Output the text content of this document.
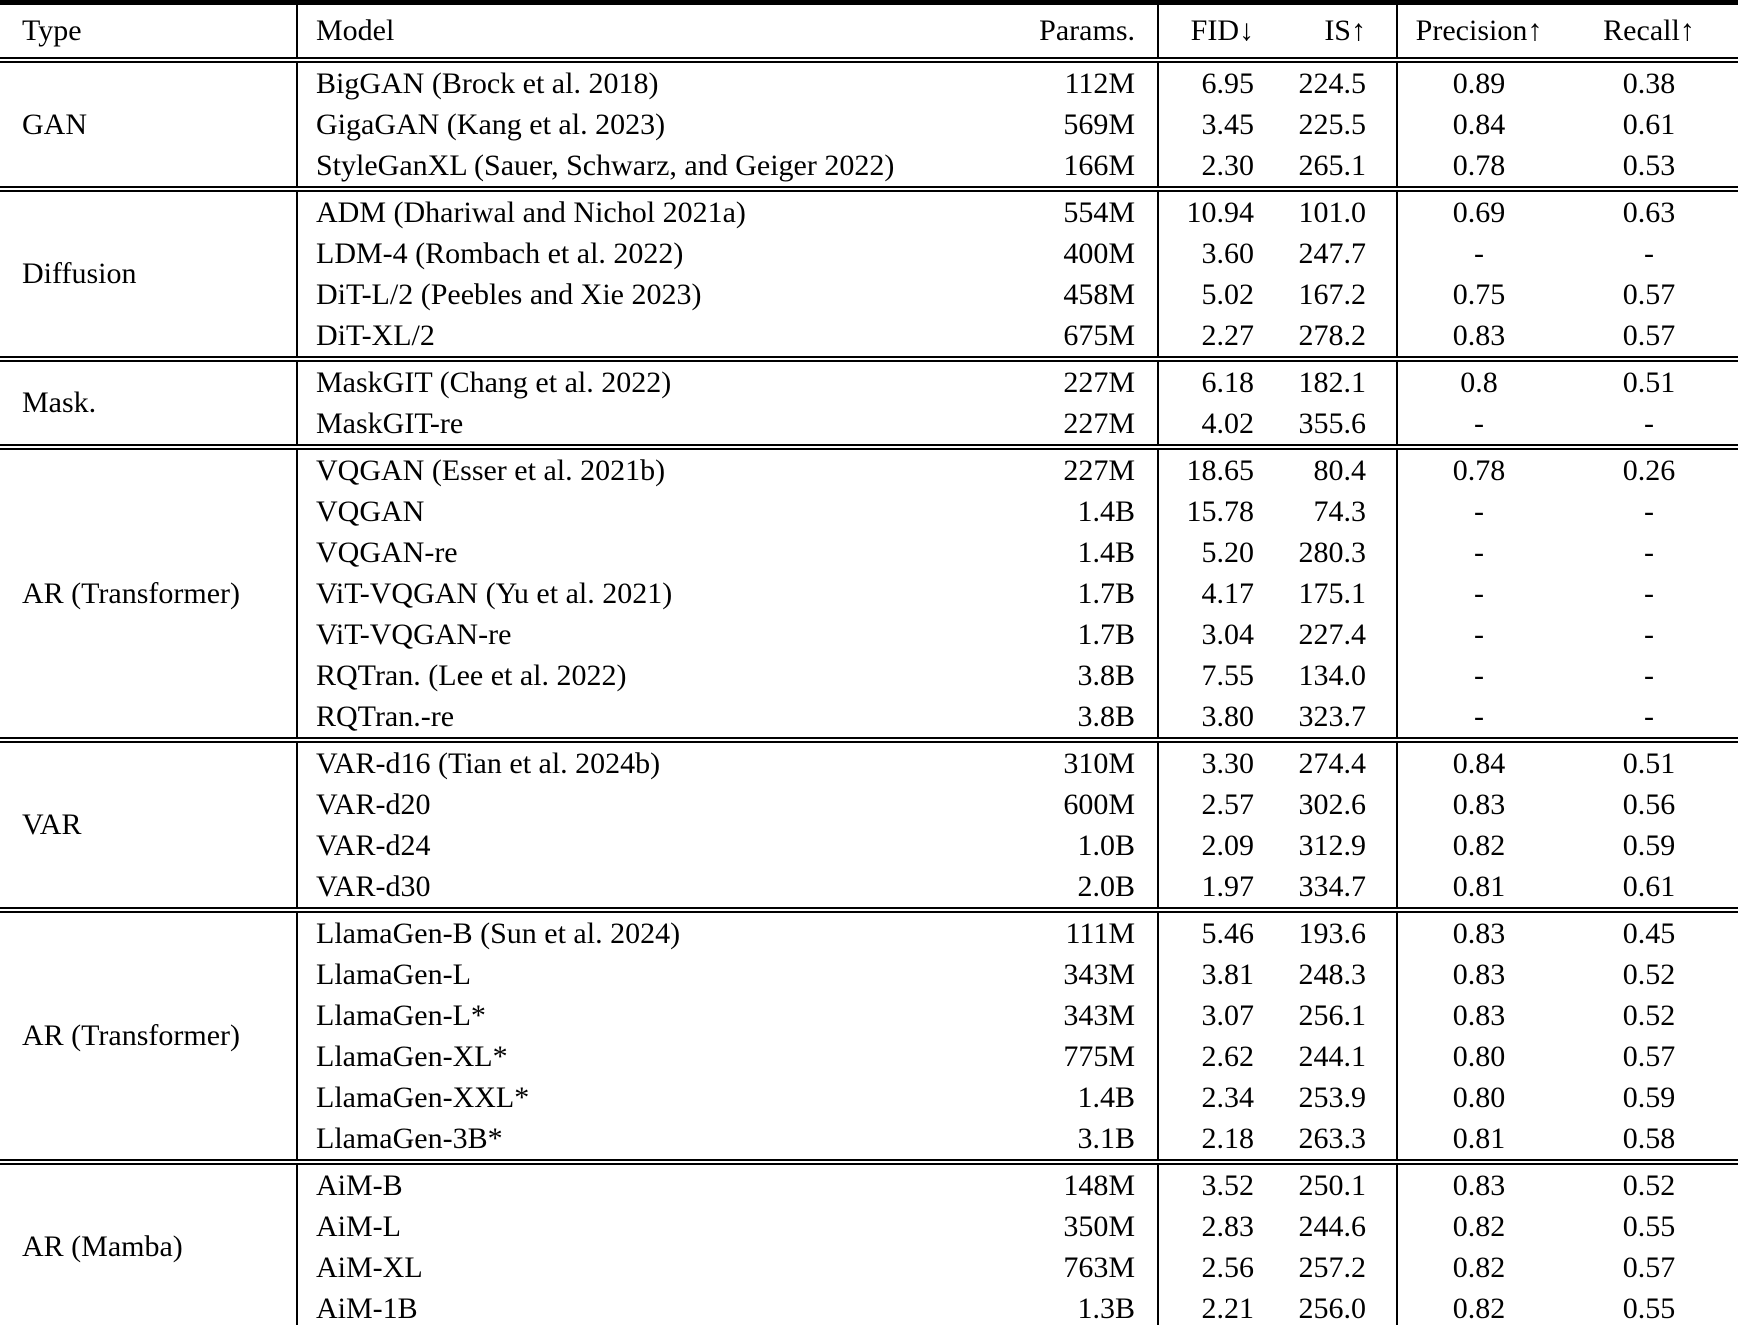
Type	Model	Params.	FID↓	IS↑	Precision↑	Recall↑
GAN	BigGAN (Brock et al. 2018)	112M	6.95	224.5	0.89	0.38
	GigaGAN (Kang et al. 2023)	569M	3.45	225.5	0.84	0.61
	StyleGanXL (Sauer, Schwarz, and Geiger 2022)	166M	2.30	265.1	0.78	0.53
Diffusion	ADM (Dhariwal and Nichol 2021a)	554M	10.94	101.0	0.69	0.63
	LDM-4 (Rombach et al. 2022)	400M	3.60	247.7	-	-
	DiT-L/2 (Peebles and Xie 2023)	458M	5.02	167.2	0.75	0.57
	DiT-XL/2	675M	2.27	278.2	0.83	0.57
Mask.	MaskGIT (Chang et al. 2022)	227M	6.18	182.1	0.8	0.51
	MaskGIT-re	227M	4.02	355.6	-	-
AR (Transformer)	VQGAN (Esser et al. 2021b)	227M	18.65	80.4	0.78	0.26
	VQGAN	1.4B	15.78	74.3	-	-
	VQGAN-re	1.4B	5.20	280.3	-	-
	ViT-VQGAN (Yu et al. 2021)	1.7B	4.17	175.1	-	-
	ViT-VQGAN-re	1.7B	3.04	227.4	-	-
	RQTran. (Lee et al. 2022)	3.8B	7.55	134.0	-	-
	RQTran.-re	3.8B	3.80	323.7	-	-
VAR	VAR-d16 (Tian et al. 2024b)	310M	3.30	274.4	0.84	0.51
	VAR-d20	600M	2.57	302.6	0.83	0.56
	VAR-d24	1.0B	2.09	312.9	0.82	0.59
	VAR-d30	2.0B	1.97	334.7	0.81	0.61
AR (Transformer)	LlamaGen-B (Sun et al. 2024)	111M	5.46	193.6	0.83	0.45
	LlamaGen-L	343M	3.81	248.3	0.83	0.52
	LlamaGen-L*	343M	3.07	256.1	0.83	0.52
	LlamaGen-XL*	775M	2.62	244.1	0.80	0.57
	LlamaGen-XXL*	1.4B	2.34	253.9	0.80	0.59
	LlamaGen-3B*	3.1B	2.18	263.3	0.81	0.58
AR (Mamba)	AiM-B	148M	3.52	250.1	0.83	0.52
	AiM-L	350M	2.83	244.6	0.82	0.55
	AiM-XL	763M	2.56	257.2	0.82	0.57
	AiM-1B	1.3B	2.21	256.0	0.82	0.55
